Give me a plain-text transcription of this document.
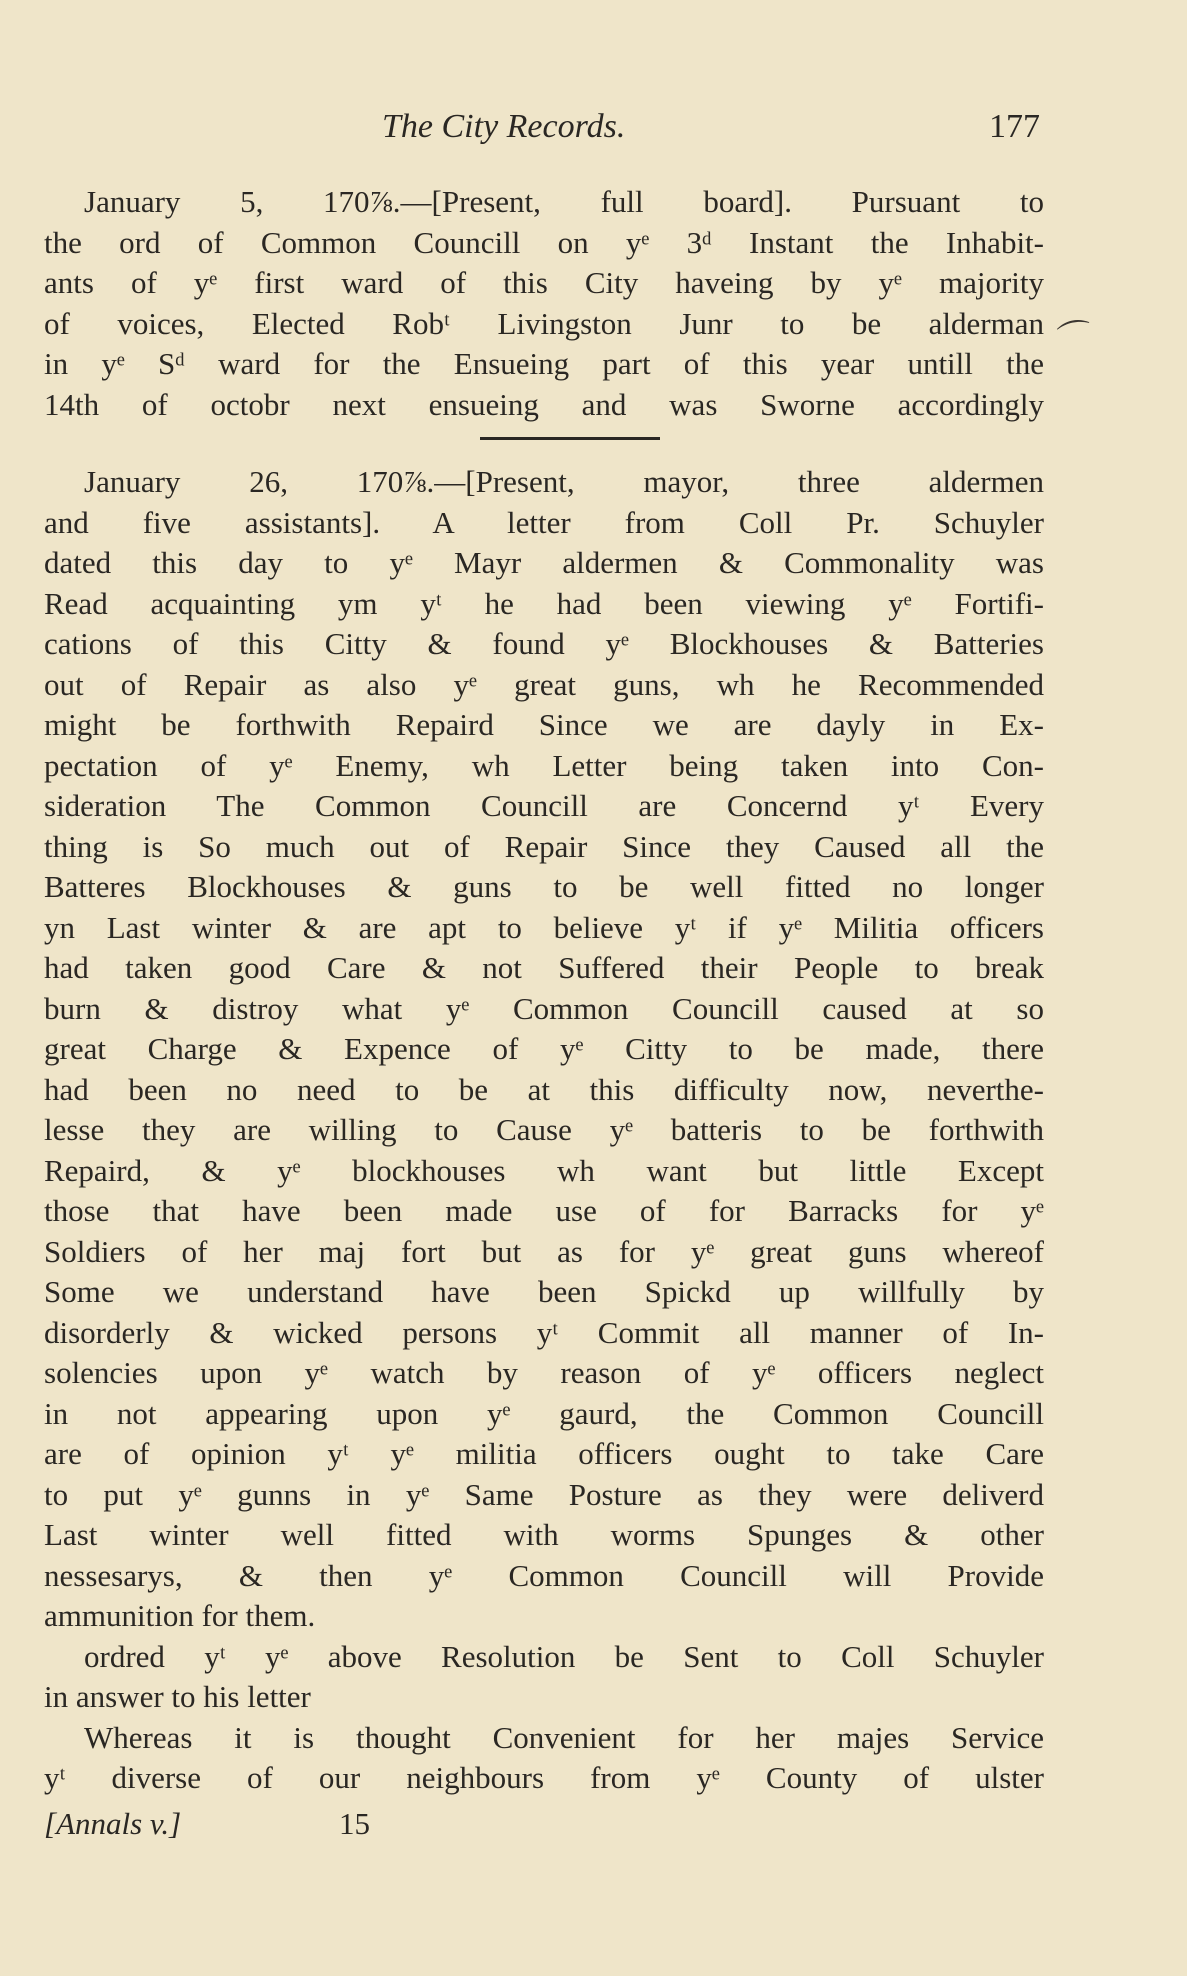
The City Records.	177
⌒
January 5, 170⅞.—[Present, full board]. Pursuant to
the ord of Common Councill on yᵉ 3ᵈ Instant the Inhabit-
ants of yᵉ first ward of this City haveing by yᵉ majority
of voices, Elected Robᵗ Livingston Junr to be alderman
in yᵉ Sᵈ ward for the Ensueing part of this year untill the
14th of octobr next ensueing and was Sworne accordingly
January 26, 170⅞.—[Present, mayor, three aldermen
and five assistants]. A letter from Coll Pr. Schuyler
dated this day to yᵉ Mayr aldermen & Commonality was
Read acquainting ym yᵗ he had been viewing yᵉ Fortifi-
cations of this Citty & found yᵉ Blockhouses & Batteries
out of Repair as also yᵉ great guns, wh he Recommended
might be forthwith Repaird Since we are dayly in Ex-
pectation of yᵉ Enemy, wh Letter being taken into Con-
sideration The Common Councill are Concernd yᵗ Every
thing is So much out of Repair Since they Caused all the
Batteres Blockhouses & guns to be well fitted no longer
yn Last winter & are apt to believe yᵗ if yᵉ Militia officers
had taken good Care & not Suffered their People to break
burn & distroy what yᵉ Common Councill caused at so
great Charge & Expence of yᵉ Citty to be made, there
had been no need to be at this difficulty now, neverthe-
lesse they are willing to Cause yᵉ batteris to be forthwith
Repaird, & yᵉ blockhouses wh want but little Except
those that have been made use of for Barracks for yᵉ
Soldiers of her maj fort but as for yᵉ great guns whereof
Some we understand have been Spickd up willfully by
disorderly & wicked persons yᵗ Commit all manner of In-
solencies upon yᵉ watch by reason of yᵉ officers neglect
in not appearing upon yᵉ gaurd, the Common Councill
are of opinion yᵗ yᵉ militia officers ought to take Care
to put yᵉ gunns in yᵉ Same Posture as they were deliverd
Last winter well fitted with worms Spunges & other
nessesarys, & then yᵉ Common Councill will Provide
ammunition for them.
ordred yᵗ yᵉ above Resolution be Sent to Coll Schuyler
in answer to his letter
Whereas it is thought Convenient for her majes Service
yᵗ diverse of our neighbours from yᵉ County of ulster
[Annals v.]	15
